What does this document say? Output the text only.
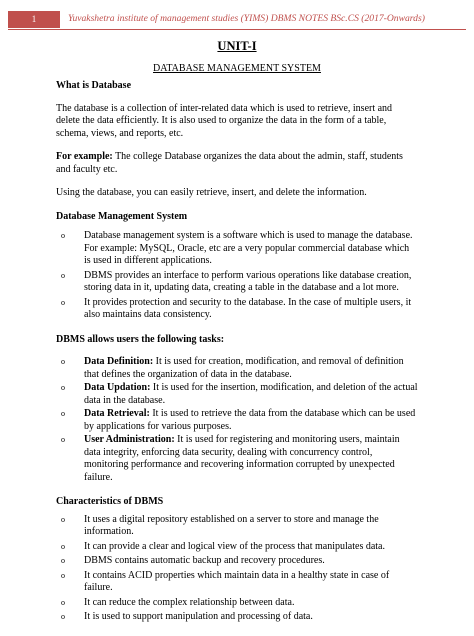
1	Yuvakshetra institute of management studies (YIMS) DBMS NOTES BSc.CS (2017-Onwards)
UNIT-I
DATABASE MANAGEMENT SYSTEM
What is Database

The database is a collection of inter-related data which is used to retrieve, insert and delete the data efficiently. It is also used to organize the data in the form of a table, schema, views, and reports, etc.

For example: The college Database organizes the data about the admin, staff, students and faculty etc.

Using the database, you can easily retrieve, insert, and delete the information.

Database Management System
o Database management system is a software which is used to manage the database. For example: MySQL, Oracle, etc are a very popular commercial database which is used in different applications.
o DBMS provides an interface to perform various operations like database creation, storing data in it, updating data, creating a table in the database and a lot more.
o It provides protection and security to the database. In the case of multiple users, it also maintains data consistency.
DBMS allows users the following tasks:
o Data Definition: It is used for creation, modification, and removal of definition that defines the organization of data in the database.
o Data Updation: It is used for the insertion, modification, and deletion of the actual data in the database.
o Data Retrieval: It is used to retrieve the data from the database which can be used by applications for various purposes.
o User Administration: It is used for registering and monitoring users, maintain data integrity, enforcing data security, dealing with concurrency control, monitoring performance and recovering information corrupted by unexpected failure.
Characteristics of DBMS
o It uses a digital repository established on a server to store and manage the information.
o It can provide a clear and logical view of the process that manipulates data.
o DBMS contains automatic backup and recovery procedures.
o It contains ACID properties which maintain data in a healthy state in case of failure.
o It can reduce the complex relationship between data.
o It is used to support manipulation and processing of data.
